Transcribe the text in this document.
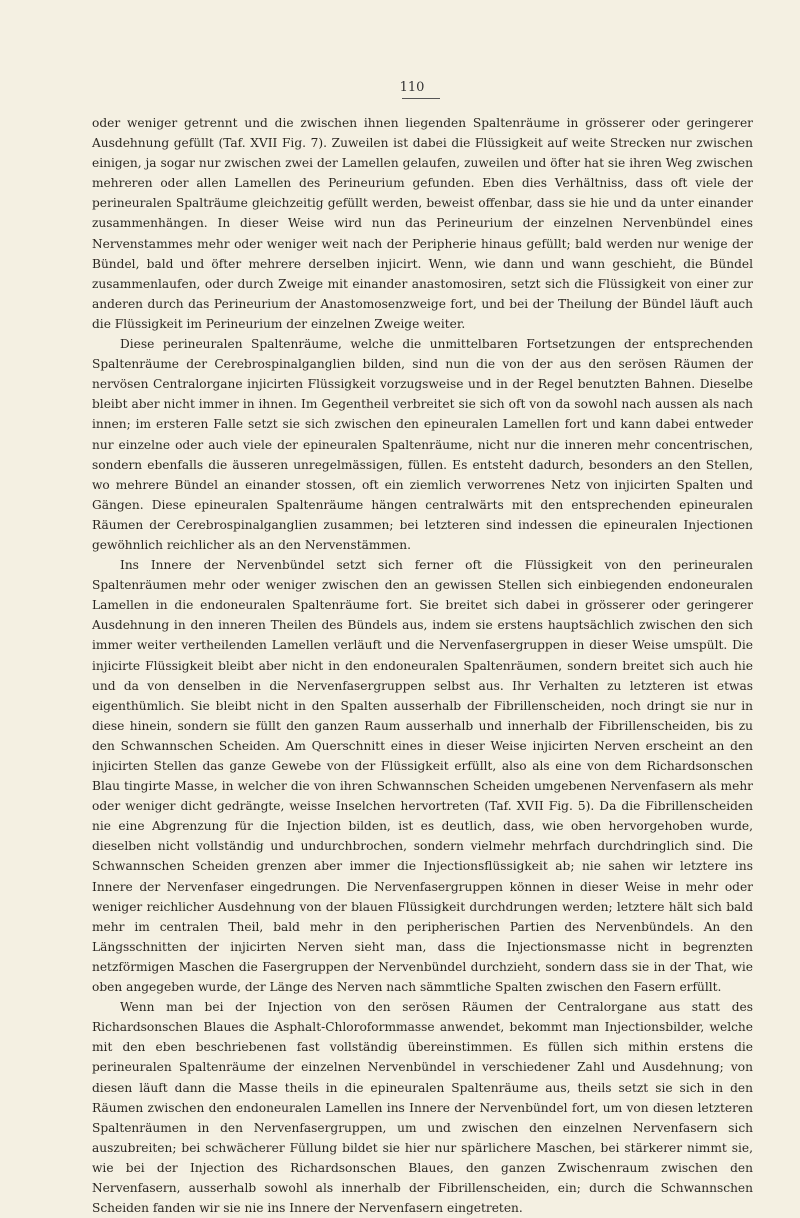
110

oder weniger getrennt und die zwischen ihnen liegenden Spaltenräume in grösserer oder geringerer Ausdehnung gefüllt (Taf. XVII Fig. 7). Zuweilen ist dabei die Flüssigkeit auf weite Strecken nur zwischen einigen, ja sogar nur zwischen zwei der Lamellen gelaufen, zuweilen und öfter hat sie ihren Weg zwischen mehreren oder allen Lamellen des Perineurium gefunden. Eben dies Verhältniss, dass oft viele der perineuralen Spalträume gleichzeitig gefüllt werden, beweist offenbar, dass sie hie und da unter einander zusammenhängen. In dieser Weise wird nun das Perineurium der einzelnen Nervenbündel eines Nervenstammes mehr oder weniger weit nach der Peripherie hinaus gefüllt; bald werden nur wenige der Bündel, bald und öfter mehrere derselben injicirt. Wenn, wie dann und wann geschieht, die Bündel zusammenlaufen, oder durch Zweige mit einander anastomosiren, setzt sich die Flüssigkeit von einer zur anderen durch das Perineurium der Anastomosenzweige fort, und bei der Theilung der Bündel läuft auch die Flüssigkeit im Perineurium der einzelnen Zweige weiter.

Diese perineuralen Spaltenräume, welche die unmittelbaren Fortsetzungen der entsprechenden Spaltenräume der Cerebrospinalganglien bilden, sind nun die von der aus den serösen Räumen der nervösen Centralorgane injicirten Flüssigkeit vorzugsweise und in der Regel benutzten Bahnen. Dieselbe bleibt aber nicht immer in ihnen. Im Gegentheil verbreitet sie sich oft von da sowohl nach aussen als nach innen; im ersteren Falle setzt sie sich zwischen den epineuralen Lamellen fort und kann dabei entweder nur einzelne oder auch viele der epineuralen Spaltenräume, nicht nur die inneren mehr concentrischen, sondern ebenfalls die äusseren unregelmässigen, füllen. Es entsteht dadurch, besonders an den Stellen, wo mehrere Bündel an einander stossen, oft ein ziemlich verworrenes Netz von injicirten Spalten und Gängen. Diese epineuralen Spaltenräume hängen centralwärts mit den entsprechenden epineuralen Räumen der Cerebrospinalganglien zusammen; bei letzteren sind indessen die epineuralen Injectionen gewöhnlich reichlicher als an den Nervenstämmen.

Ins Innere der Nervenbündel setzt sich ferner oft die Flüssigkeit von den perineuralen Spaltenräumen mehr oder weniger zwischen den an gewissen Stellen sich einbiegenden endoneuralen Lamellen in die endoneuralen Spaltenräume fort. Sie breitet sich dabei in grösserer oder geringerer Ausdehnung in den inneren Theilen des Bündels aus, indem sie erstens hauptsächlich zwischen den sich immer weiter vertheilenden Lamellen verläuft und die Nervenfasergruppen in dieser Weise umspült. Die injicirte Flüssigkeit bleibt aber nicht in den endoneuralen Spaltenräumen, sondern breitet sich auch hie und da von denselben in die Nervenfasergruppen selbst aus. Ihr Verhalten zu letzteren ist etwas eigenthümlich. Sie bleibt nicht in den Spalten ausserhalb der Fibrillenscheiden, noch dringt sie nur in diese hinein, sondern sie füllt den ganzen Raum ausserhalb und innerhalb der Fibrillenscheiden, bis zu den Schwannschen Scheiden. Am Querschnitt eines in dieser Weise injicirten Nerven erscheint an den injicirten Stellen das ganze Gewebe von der Flüssigkeit erfüllt, also als eine von dem Richardsonschen Blau tingirte Masse, in welcher die von ihren Schwannschen Scheiden umgebenen Nervenfasern als mehr oder weniger dicht gedrängte, weisse Inselchen hervortreten (Taf. XVII Fig. 5). Da die Fibrillenscheiden nie eine Abgrenzung für die Injection bilden, ist es deutlich, dass, wie oben hervorgehoben wurde, dieselben nicht vollständig und undurchbrochen, sondern vielmehr mehrfach durchdringlich sind. Die Schwannschen Scheiden grenzen aber immer die Injectionsflüssigkeit ab; nie sahen wir letztere ins Innere der Nervenfaser eingedrungen. Die Nervenfasergruppen können in dieser Weise in mehr oder weniger reichlicher Ausdehnung von der blauen Flüssigkeit durchdrungen werden; letztere hält sich bald mehr im centralen Theil, bald mehr in den peripherischen Partien des Nervenbündels. An den Längsschnitten der injicirten Nerven sieht man, dass die Injectionsmasse nicht in begrenzten netzförmigen Maschen die Fasergruppen der Nervenbündel durchzieht, sondern dass sie in der That, wie oben angegeben wurde, der Länge des Nerven nach sämmtliche Spalten zwischen den Fasern erfüllt.

Wenn man bei der Injection von den serösen Räumen der Centralorgane aus statt des Richardsonschen Blaues die Asphalt-Chloroformmasse anwendet, bekommt man Injectionsbilder, welche mit den eben beschriebenen fast vollständig übereinstimmen. Es füllen sich mithin erstens die perineuralen Spaltenräume der einzelnen Nervenbündel in verschiedener Zahl und Ausdehnung; von diesen läuft dann die Masse theils in die epineuralen Spaltenräume aus, theils setzt sie sich in den Räumen zwischen den endoneuralen Lamellen ins Innere der Nervenbündel fort, um von diesen letzteren Spaltenräumen in den Nervenfasergruppen, um und zwischen den einzelnen Nervenfasern sich auszubreiten; bei schwächerer Füllung bildet sie hier nur spärlichere Maschen, bei stärkerer nimmt sie, wie bei der Injection des Richardsonschen Blaues, den ganzen Zwischenraum zwischen den Nervenfasern, ausserhalb sowohl als innerhalb der Fibrillenscheiden, ein; durch die Schwannschen Scheiden fanden wir sie nie ins Innere der Nervenfasern eingetreten.
